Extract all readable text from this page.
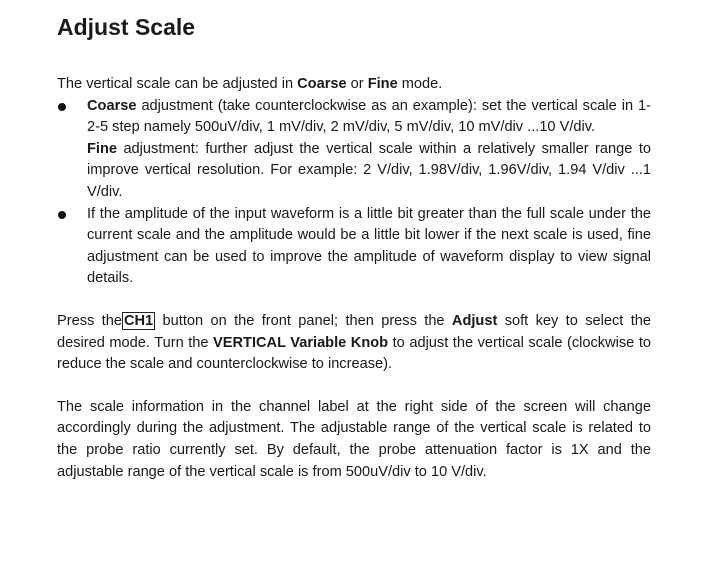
Adjust Scale

The vertical scale can be adjusted in Coarse or Fine mode.

Coarse adjustment (take counterclockwise as an example): set the vertical scale in 1-2-5 step namely 500uV/div, 1 mV/div, 2 mV/div, 5 mV/div, 10 mV/div ...10 V/div.

Fine adjustment: further adjust the vertical scale within a relatively smaller range to improve vertical resolution. For example: 2 V/div, 1.98V/div, 1.96V/div, 1.94 V/div ...1 V/div.

If the amplitude of the input waveform is a little bit greater than the full scale under the current scale and the amplitude would be a little bit lower if the next scale is used, fine adjustment can be used to improve the amplitude of waveform display to view signal details.

Press the CH1 button on the front panel; then press the Adjust soft key to select the desired mode. Turn the VERTICAL Variable Knob to adjust the vertical scale (clockwise to reduce the scale and counterclockwise to increase).

The scale information in the channel label at the right side of the screen will change accordingly during the adjustment. The adjustable range of the vertical scale is related to the probe ratio currently set. By default, the probe attenuation factor is 1X and the adjustable range of the vertical scale is from 500uV/div to 10 V/div.
